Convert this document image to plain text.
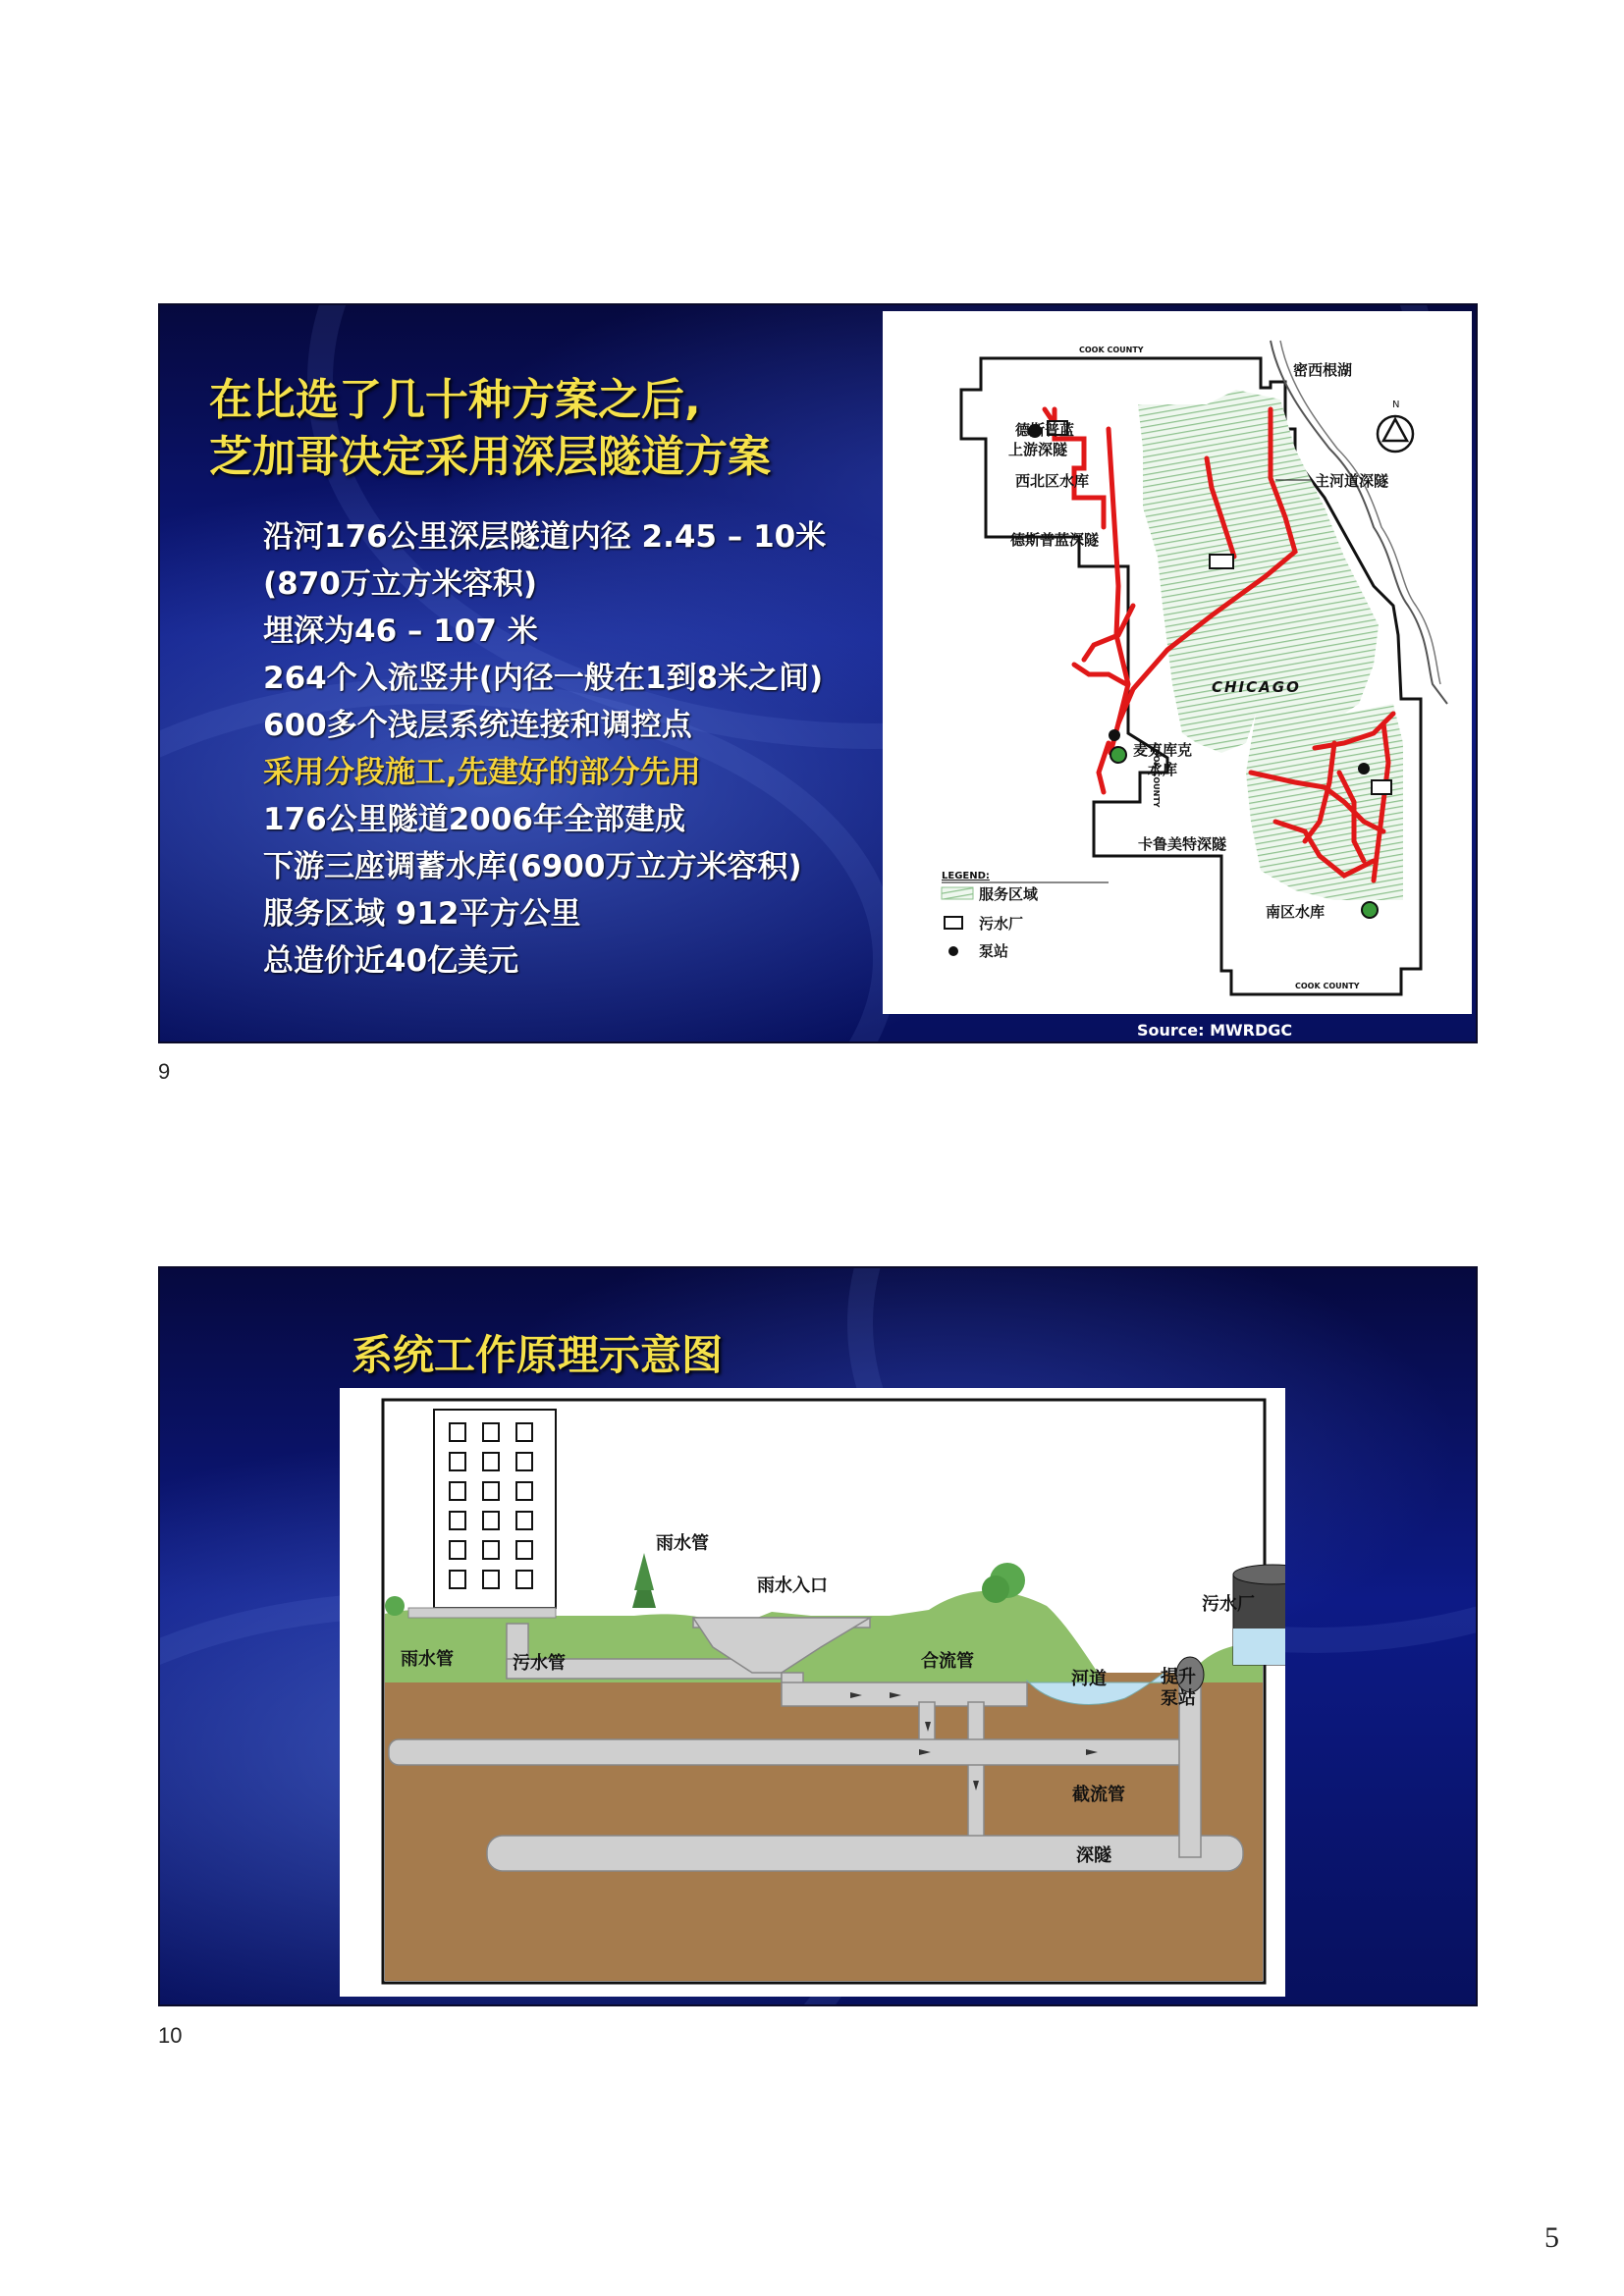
在比选了几十种方案之后,
芝加哥决定采用深层隧道方案
沿河176公里深层隧道内径 2.45 – 10米
(870万立方米容积)
埋深为46 – 107 米
264个入流竖井(内径一般在1到8米之间)
600多个浅层系统连接和调控点
采用分段施工,先建好的部分先用
176公里隧道2006年全部建成
下游三座调蓄水库(6900万立方米容积)
服务区域 912平方公里
总造价近40亿美元
N
密西根湖
COOK COUNTY
COOK COUNTY
COOK COUNTY
德斯普蓝
上游深隧
西北区水库	主河道深隧
德斯普蓝深隧
CHICAGO
麦克库克
水库
卡鲁美特深隧
南区水库
LEGEND:
服务区域
污水厂
泵站
Source: MWRDGC
9
系统工作原理示意图
雨水管
雨水入口
雨水管	污水管	合流管
河道	提升
泵站
污水厂
截流管
深隧
10
5
